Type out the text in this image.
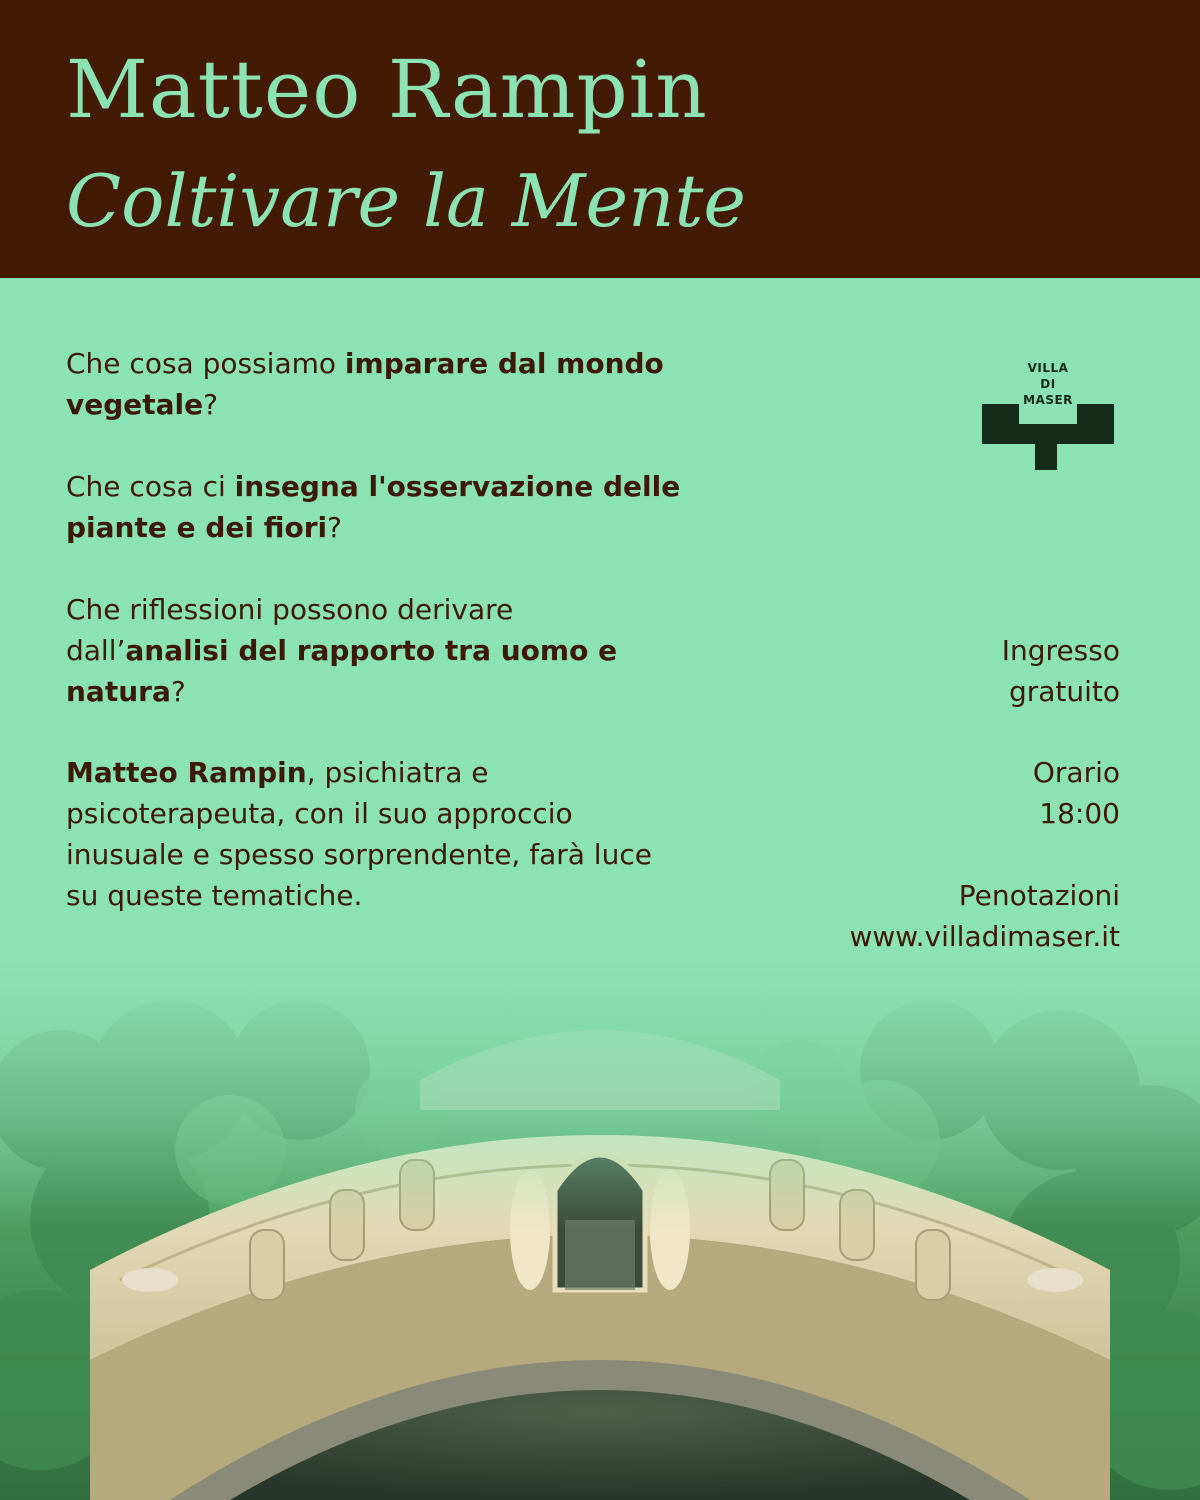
Matteo Rampin
Coltivare la Mente

Che cosa possiamo imparare dal mondo vegetale?

Che cosa ci insegna l'osservazione delle piante e dei fiori?

Che riflessioni possono derivare dall’analisi del rapporto tra uomo e natura?

Matteo Rampin, psichiatra e psicoterapeuta, con il suo approccio inusuale e spesso sorprendente, farà luce su queste tematiche.

VILLA
DI
MASER
Ingresso
gratuito
Orario
18:00
Penotazioni
www.villadimaser.it
